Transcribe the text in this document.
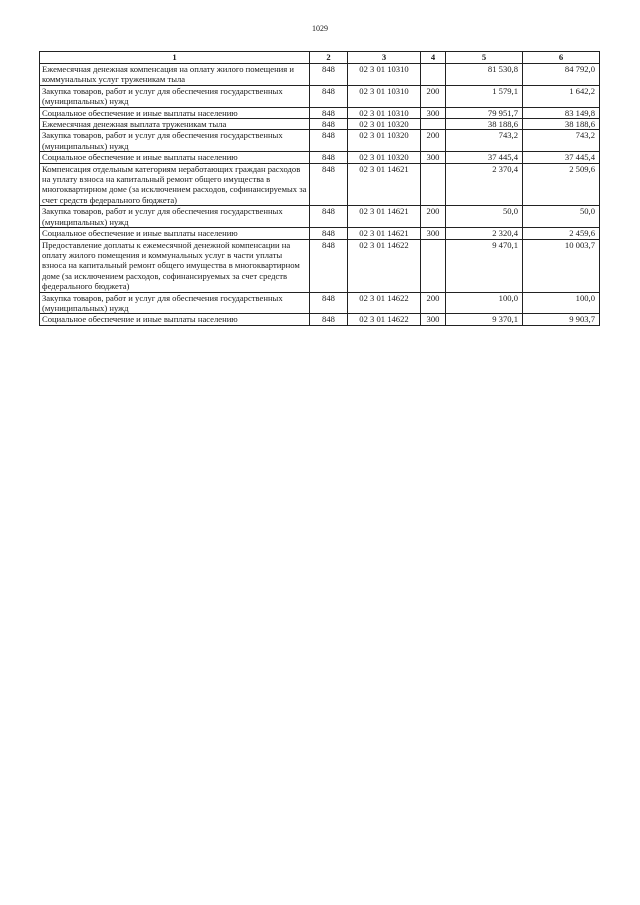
1029
1	2	3	4	5	6
Ежемесячная денежная компенсация на оплату жилого помещения и коммунальных услуг труженикам тыла	848	02 3 01 10310		81 530,8	84 792,0
Закупка товаров, работ и услуг для обеспечения государственных (муниципальных) нужд	848	02 3 01 10310	200	1 579,1	1 642,2
Социальное обеспечение и иные выплаты населению	848	02 3 01 10310	300	79 951,7	83 149,8
Ежемесячная денежная выплата труженикам тыла	848	02 3 01 10320		38 188,6	38 188,6
Закупка товаров, работ и услуг для обеспечения государственных (муниципальных) нужд	848	02 3 01 10320	200	743,2	743,2
Социальное обеспечение и иные выплаты населению	848	02 3 01 10320	300	37 445,4	37 445,4
Компенсация отдельным категориям неработающих граждан расходов на уплату взноса на капитальный ремонт общего имущества в многоквартирном доме (за исключением расходов, софинансируемых за счет средств федерального бюджета)	848	02 3 01 14621		2 370,4	2 509,6
Закупка товаров, работ и услуг для обеспечения государственных (муниципальных) нужд	848	02 3 01 14621	200	50,0	50,0
Социальное обеспечение и иные выплаты населению	848	02 3 01 14621	300	2 320,4	2 459,6
Предоставление доплаты к ежемесячной денежной компенсации на оплату жилого помещения и коммунальных услуг в части уплаты взноса на капитальный ремонт общего имущества в многоквартирном доме (за исключением расходов, софинансируемых за счет средств федерального бюджета)	848	02 3 01 14622		9 470,1	10 003,7
Закупка товаров, работ и услуг для обеспечения государственных (муниципальных) нужд	848	02 3 01 14622	200	100,0	100,0
Социальное обеспечение и иные выплаты населению	848	02 3 01 14622	300	9 370,1	9 903,7
